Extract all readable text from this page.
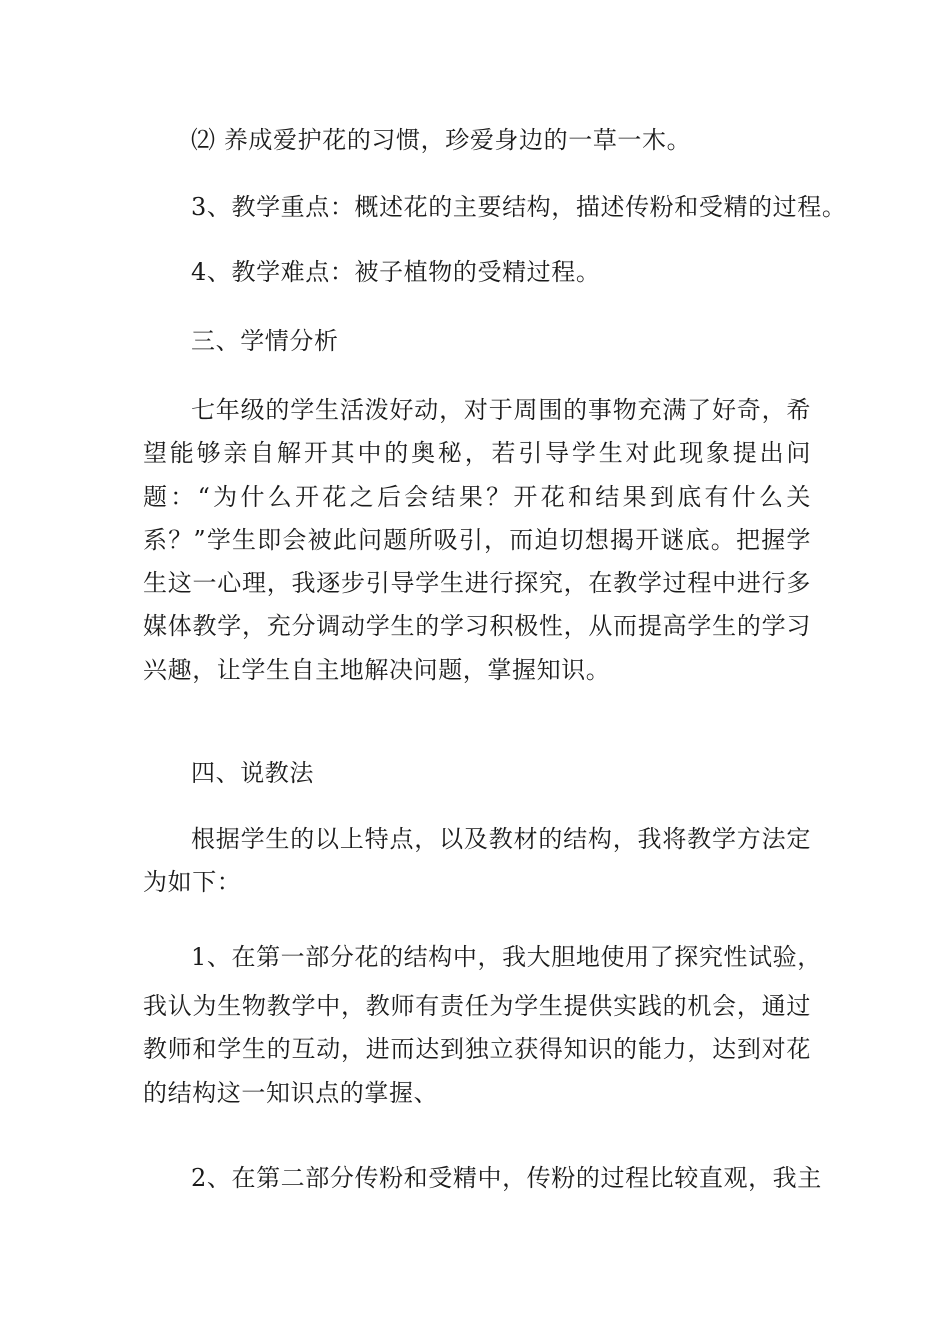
⑵ 养成爱护花的习惯，珍爱身边的一草一木。
3、教学重点：概述花的主要结构，描述传粉和受精的过程。
4、教学难点：被子植物的受精过程。
三、学情分析
七年级的学生活泼好动，对于周围的事物充满了好奇，希望能够亲自解开其中的奥秘，若引导学生对此现象提出问题：“为什么开花之后会结果？开花和结果到底有什么关系？”学生即会被此问题所吸引，而迫切想揭开谜底。把握学生这一心理，我逐步引导学生进行探究，在教学过程中进行多媒体教学，充分调动学生的学习积极性，从而提高学生的学习兴趣，让学生自主地解决问题，掌握知识。
四、说教法
根据学生的以上特点，以及教材的结构，我将教学方法定为如下：
1、在第一部分花的结构中，我大胆地使用了探究性试验，
我认为生物教学中，教师有责任为学生提供实践的机会，通过教师和学生的互动，进而达到独立获得知识的能力，达到对花的结构这一知识点的掌握、
2、在第二部分传粉和受精中，传粉的过程比较直观，我主
